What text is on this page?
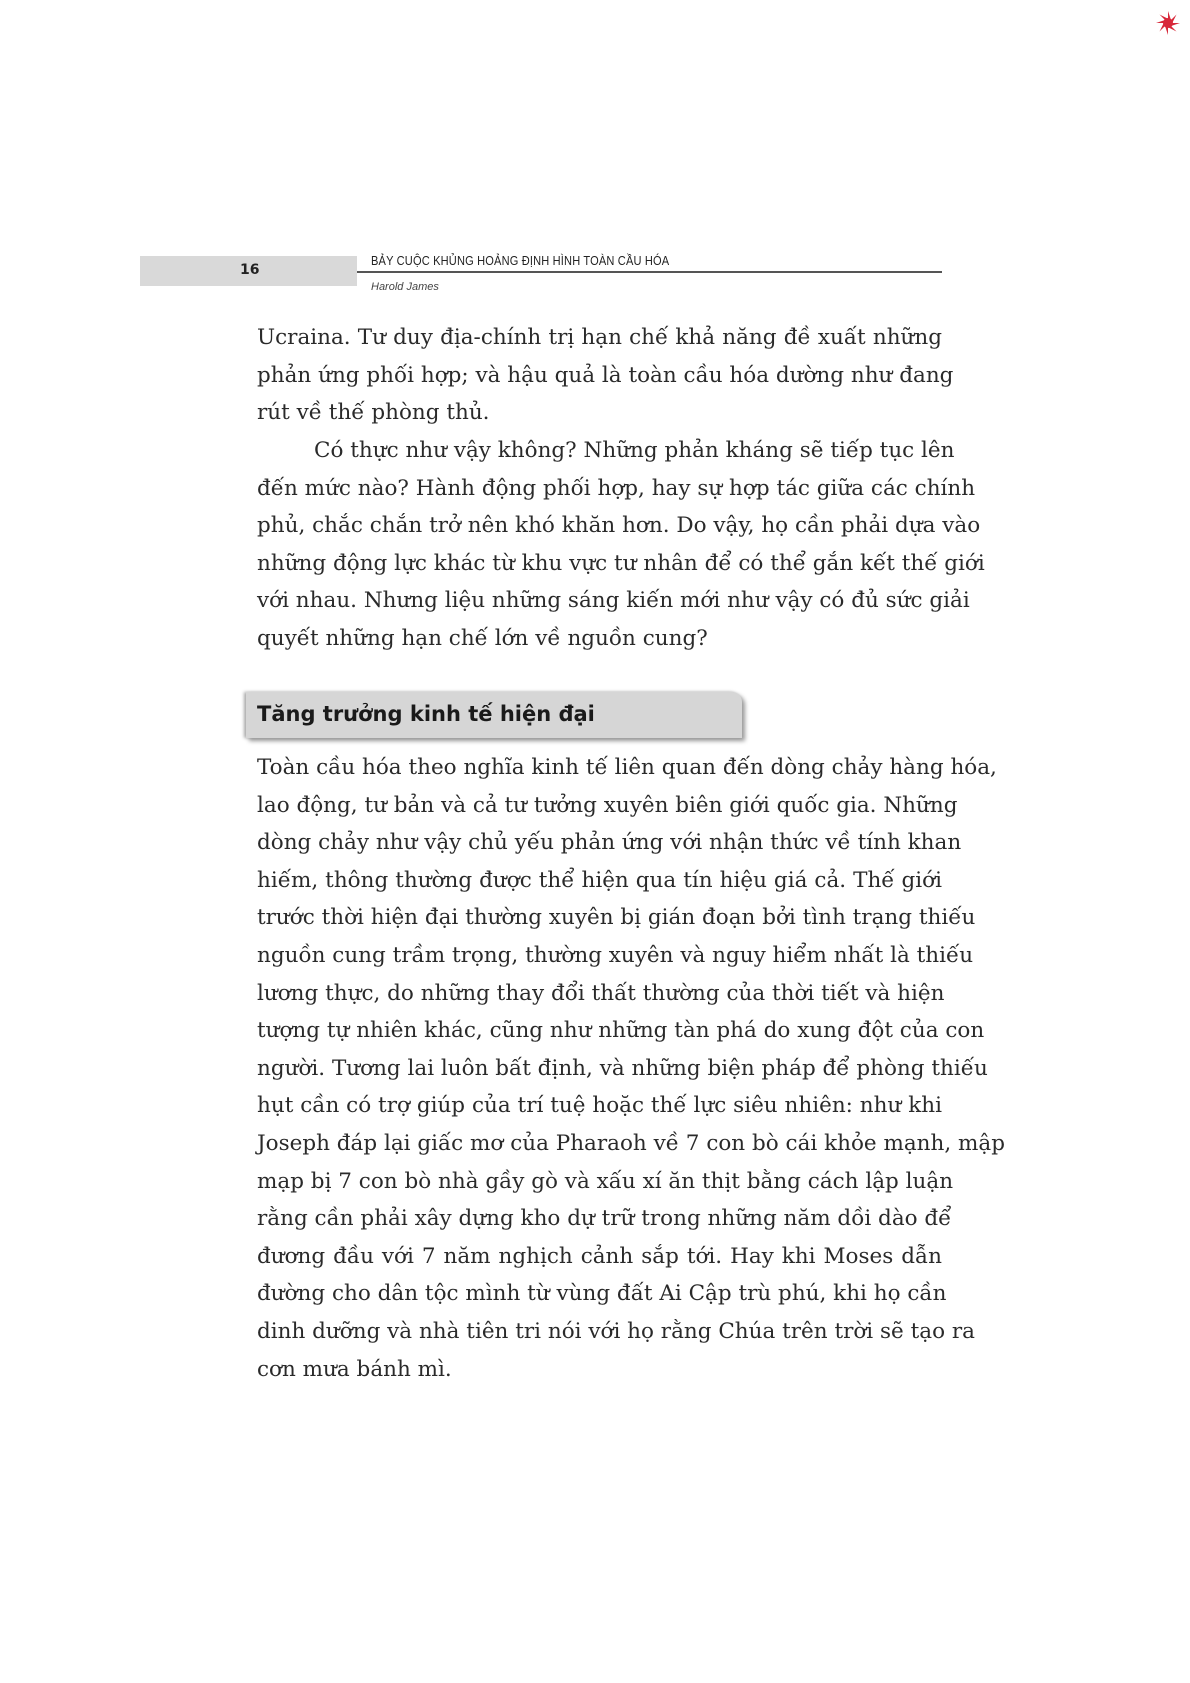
16
BẢY CUỘC KHỦNG HOẢNG ĐỊNH HÌNH TOÀN CẦU HÓA
Harold James
Ucraina. Tư duy địa-chính trị hạn chế khả năng đề xuất những
phản ứng phối hợp; và hậu quả là toàn cầu hóa dường như đang
rút về thế phòng thủ.
Có thực như vậy không? Những phản kháng sẽ tiếp tục lên
đến mức nào? Hành động phối hợp, hay sự hợp tác giữa các chính
phủ, chắc chắn trở nên khó khăn hơn. Do vậy, họ cần phải dựa vào
những động lực khác từ khu vực tư nhân để có thể gắn kết thế giới
với nhau. Nhưng liệu những sáng kiến mới như vậy có đủ sức giải
quyết những hạn chế lớn về nguồn cung?
Tăng trưởng kinh tế hiện đại
Toàn cầu hóa theo nghĩa kinh tế liên quan đến dòng chảy hàng hóa,
lao động, tư bản và cả tư tưởng xuyên biên giới quốc gia. Những
dòng chảy như vậy chủ yếu phản ứng với nhận thức về tính khan
hiếm, thông thường được thể hiện qua tín hiệu giá cả. Thế giới
trước thời hiện đại thường xuyên bị gián đoạn bởi tình trạng thiếu
nguồn cung trầm trọng, thường xuyên và nguy hiểm nhất là thiếu
lương thực, do những thay đổi thất thường của thời tiết và hiện
tượng tự nhiên khác, cũng như những tàn phá do xung đột của con
người. Tương lai luôn bất định, và những biện pháp để phòng thiếu
hụt cần có trợ giúp của trí tuệ hoặc thế lực siêu nhiên: như khi
Joseph đáp lại giấc mơ của Pharaoh về 7 con bò cái khỏe mạnh, mập
mạp bị 7 con bò nhà gầy gò và xấu xí ăn thịt bằng cách lập luận
rằng cần phải xây dựng kho dự trữ trong những năm dồi dào để
đương đầu với 7 năm nghịch cảnh sắp tới. Hay khi Moses dẫn
đường cho dân tộc mình từ vùng đất Ai Cập trù phú, khi họ cần
dinh dưỡng và nhà tiên tri nói với họ rằng Chúa trên trời sẽ tạo ra
cơn mưa bánh mì.
